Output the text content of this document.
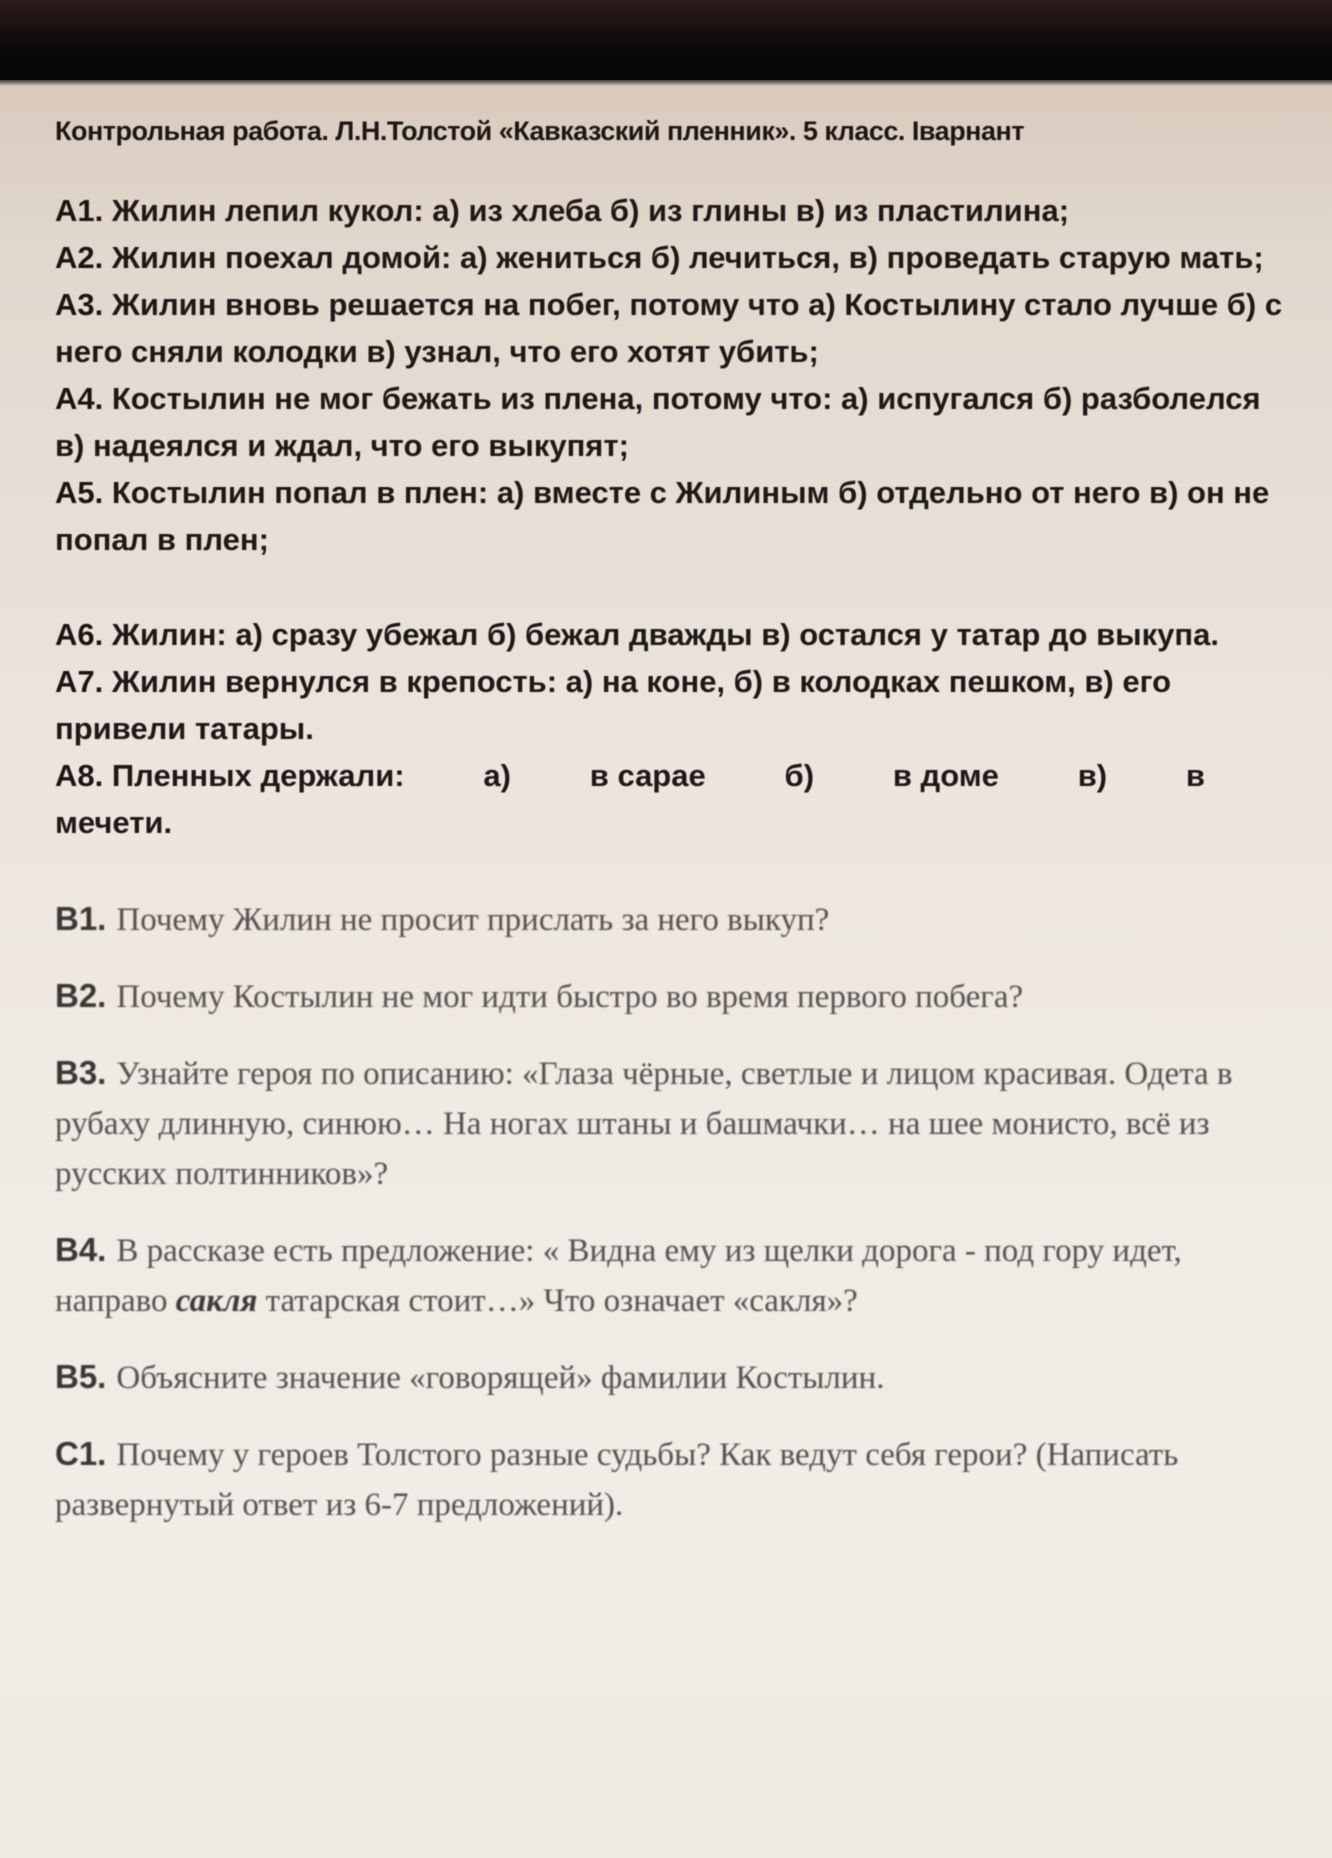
Контрольная работа. Л.Н.Толстой «Кавказский пленник». 5 класс. Iварнант
А1. Жилин лепил кукол: а) из хлеба б) из глины в) из пластилина;
А2. Жилин поехал домой: а) жениться б) лечиться, в) проведать старую мать;
А3. Жилин вновь решается на побег, потому что а) Костылину стало лучше б) с него сняли колодки в) узнал, что его хотят убить;
А4. Костылин не мог бежать из плена, потому что: а) испугался б) разболелся в) надеялся и ждал, что его выкупят;
А5. Костылин попал в плен: а) вместе с Жилиным б) отдельно от него в) он не попал в плен;
А6. Жилин: а) сразу убежал б) бежал дважды в) остался у татар до выкупа.
А7. Жилин вернулся в крепость: а) на коне, б) в колодках пешком, в) его привели татары.
А8. Пленных держали:	а)	в сарае	б)	в доме	в)	в
мечети.
В1. Почему Жилин не просит прислать за него выкуп?
В2. Почему Костылин не мог идти быстро во время первого побега?
В3. Узнайте героя по описанию: «Глаза чёрные, светлые и лицом красивая. Одета в рубаху длинную, синюю… На ногах штаны и башмачки… на шее монисто, всё из русских полтинников»?
В4. В рассказе есть предложение: « Видна ему из щелки дорога - под гору идет, направо сакля татарская стоит…» Что означает «сакля»?
В5. Объясните значение «говорящей» фамилии Костылин.
С1. Почему у героев Толстого разные судьбы? Как ведут себя герои? (Написать развернутый ответ из 6-7 предложений).
